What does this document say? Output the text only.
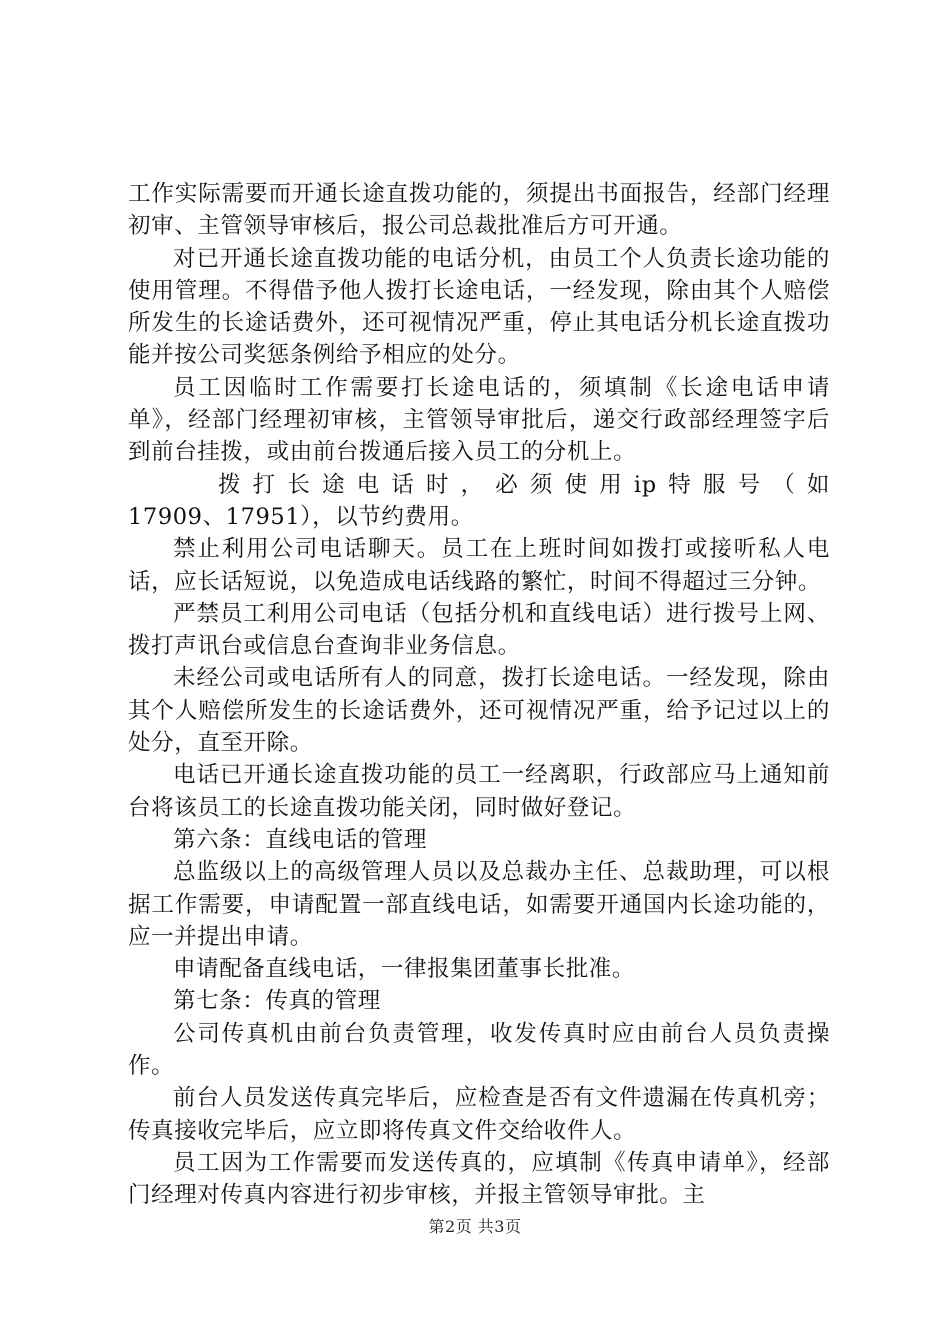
工作实际需要而开通长途直拨功能的，须提出书面报告，经部门经理初审、主管领导审核后，报公司总裁批准后方可开通。

对已开通长途直拨功能的电话分机，由员工个人负责长途功能的使用管理。不得借予他人拨打长途电话，一经发现，除由其个人赔偿所发生的长途话费外，还可视情况严重，停止其电话分机长途直拨功能并按公司奖惩条例给予相应的处分。

员工因临时工作需要打长途电话的，须填制《长途电话申请单》，经部门经理初审核，主管领导审批后，递交行政部经理签字后到前台挂拨，或由前台拨通后接入员工的分机上。

拨打长途电话时，必须使用ip特服号（如

17909、17951），以节约费用。

禁止利用公司电话聊天。员工在上班时间如拨打或接听私人电话，应长话短说，以免造成电话线路的繁忙，时间不得超过三分钟。

严禁员工利用公司电话（包括分机和直线电话）进行拨号上网、拨打声讯台或信息台查询非业务信息。

未经公司或电话所有人的同意，拨打长途电话。一经发现，除由其个人赔偿所发生的长途话费外，还可视情况严重，给予记过以上的处分，直至开除。

电话已开通长途直拨功能的员工一经离职，行政部应马上通知前台将该员工的长途直拨功能关闭，同时做好登记。

第六条：直线电话的管理

总监级以上的高级管理人员以及总裁办主任、总裁助理，可以根据工作需要，申请配置一部直线电话，如需要开通国内长途功能的，应一并提出申请。

申请配备直线电话，一律报集团董事长批准。

第七条：传真的管理

公司传真机由前台负责管理，收发传真时应由前台人员负责操作。

前台人员发送传真完毕后，应检查是否有文件遗漏在传真机旁；传真接收完毕后，应立即将传真文件交给收件人。

员工因为工作需要而发送传真的，应填制《传真申请单》，经部门经理对传真内容进行初步审核，并报主管领导审批。主

第2页 共3页
